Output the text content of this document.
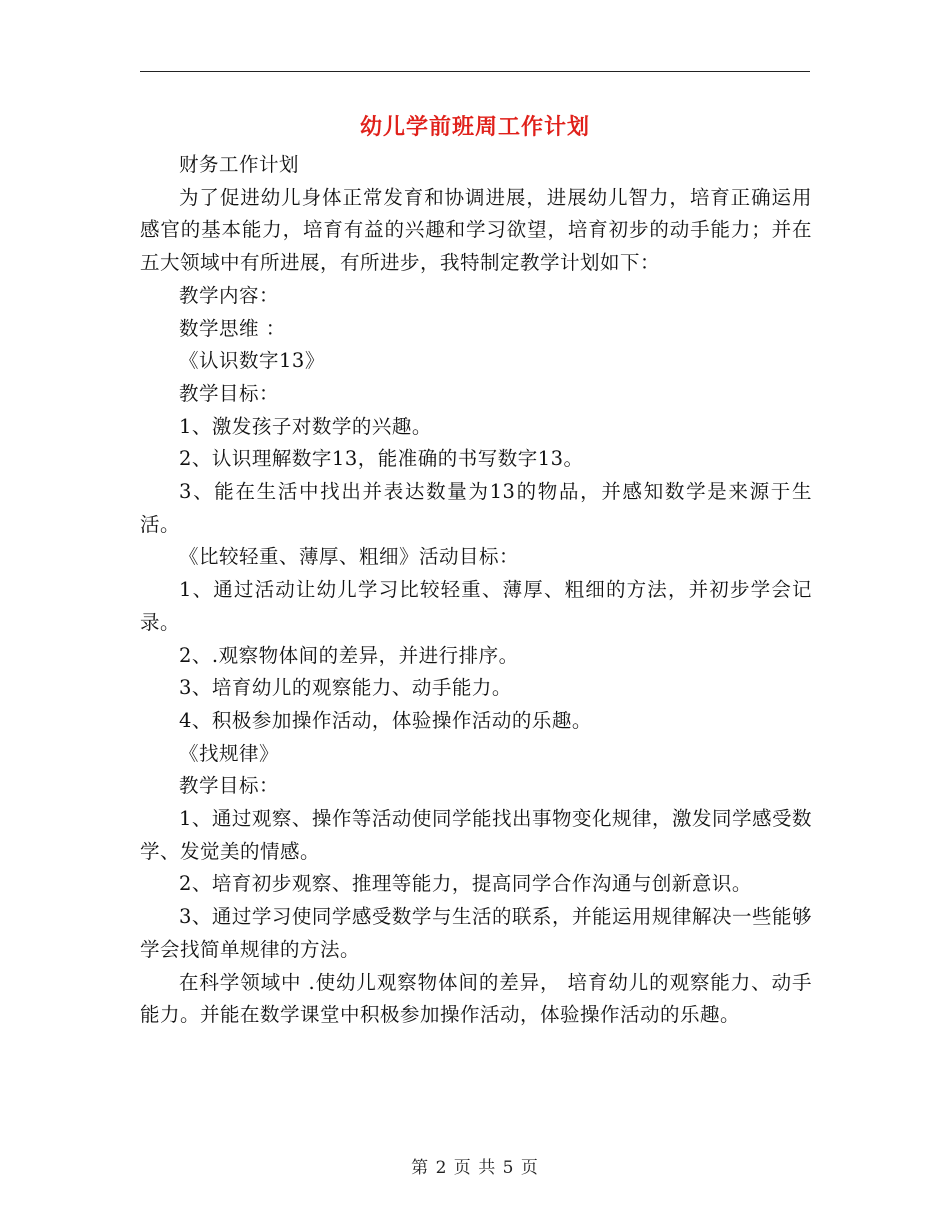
幼儿学前班周工作计划

财务工作计划

为了促进幼儿身体正常发育和协调进展，进展幼儿智力，培育正确运用感官的基本能力，培育有益的兴趣和学习欲望，培育初步的动手能力；并在五大领域中有所进展，有所进步，我特制定教学计划如下：

教学内容：

数学思维 ：

《认识数字13》

教学目标：

1、激发孩子对数学的兴趣。

2、认识理解数字13，能准确的书写数字13。

3、能在生活中找出并表达数量为13的物品，并感知数学是来源于生活。

《比较轻重、薄厚、粗细》活动目标：

1、通过活动让幼儿学习比较轻重、薄厚、粗细的方法，并初步学会记录。

2、.观察物体间的差异，并进行排序。

3、培育幼儿的观察能力、动手能力。

4、积极参加操作活动，体验操作活动的乐趣。

《找规律》

教学目标：

1、通过观察、操作等活动使同学能找出事物变化规律，激发同学感受数学、发觉美的情感。

2、培育初步观察、推理等能力，提高同学合作沟通与创新意识。

3、通过学习使同学感受数学与生活的联系，并能运用规律解决一些能够学会找简单规律的方法。

在科学领域中 .使幼儿观察物体间的差异， 培育幼儿的观察能力、动手能力。并能在数学课堂中积极参加操作活动，体验操作活动的乐趣。

第 2 页 共 5 页
